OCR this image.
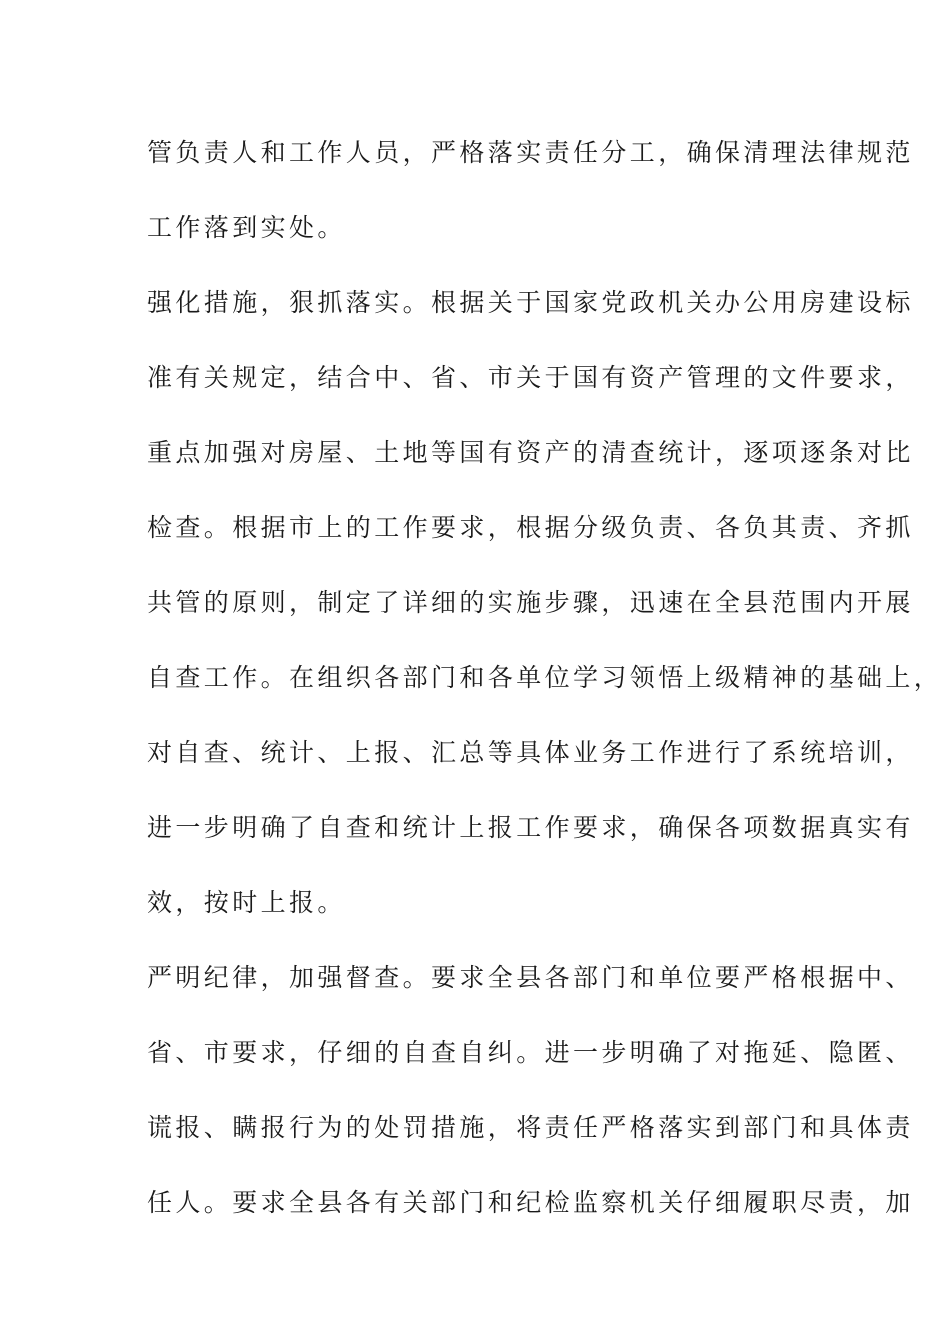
管负责人和工作人员，严格落实责任分工，确保清理法律规范
工作落到实处。
强化措施，狠抓落实。根据关于国家党政机关办公用房建设标
准有关规定，结合中、省、市关于国有资产管理的文件要求，
重点加强对房屋、土地等国有资产的清查统计，逐项逐条对比
检查。根据市上的工作要求，根据分级负责、各负其责、齐抓
共管的原则，制定了详细的实施步骤，迅速在全县范围内开展
自查工作。在组织各部门和各单位学习领悟上级精神的基础上，
对自查、统计、上报、汇总等具体业务工作进行了系统培训，
进一步明确了自查和统计上报工作要求，确保各项数据真实有
效，按时上报。
严明纪律，加强督查。要求全县各部门和单位要严格根据中、
省、市要求，仔细的自查自纠。进一步明确了对拖延、隐匿、
谎报、瞒报行为的处罚措施，将责任严格落实到部门和具体责
任人。要求全县各有关部门和纪检监察机关仔细履职尽责，加
